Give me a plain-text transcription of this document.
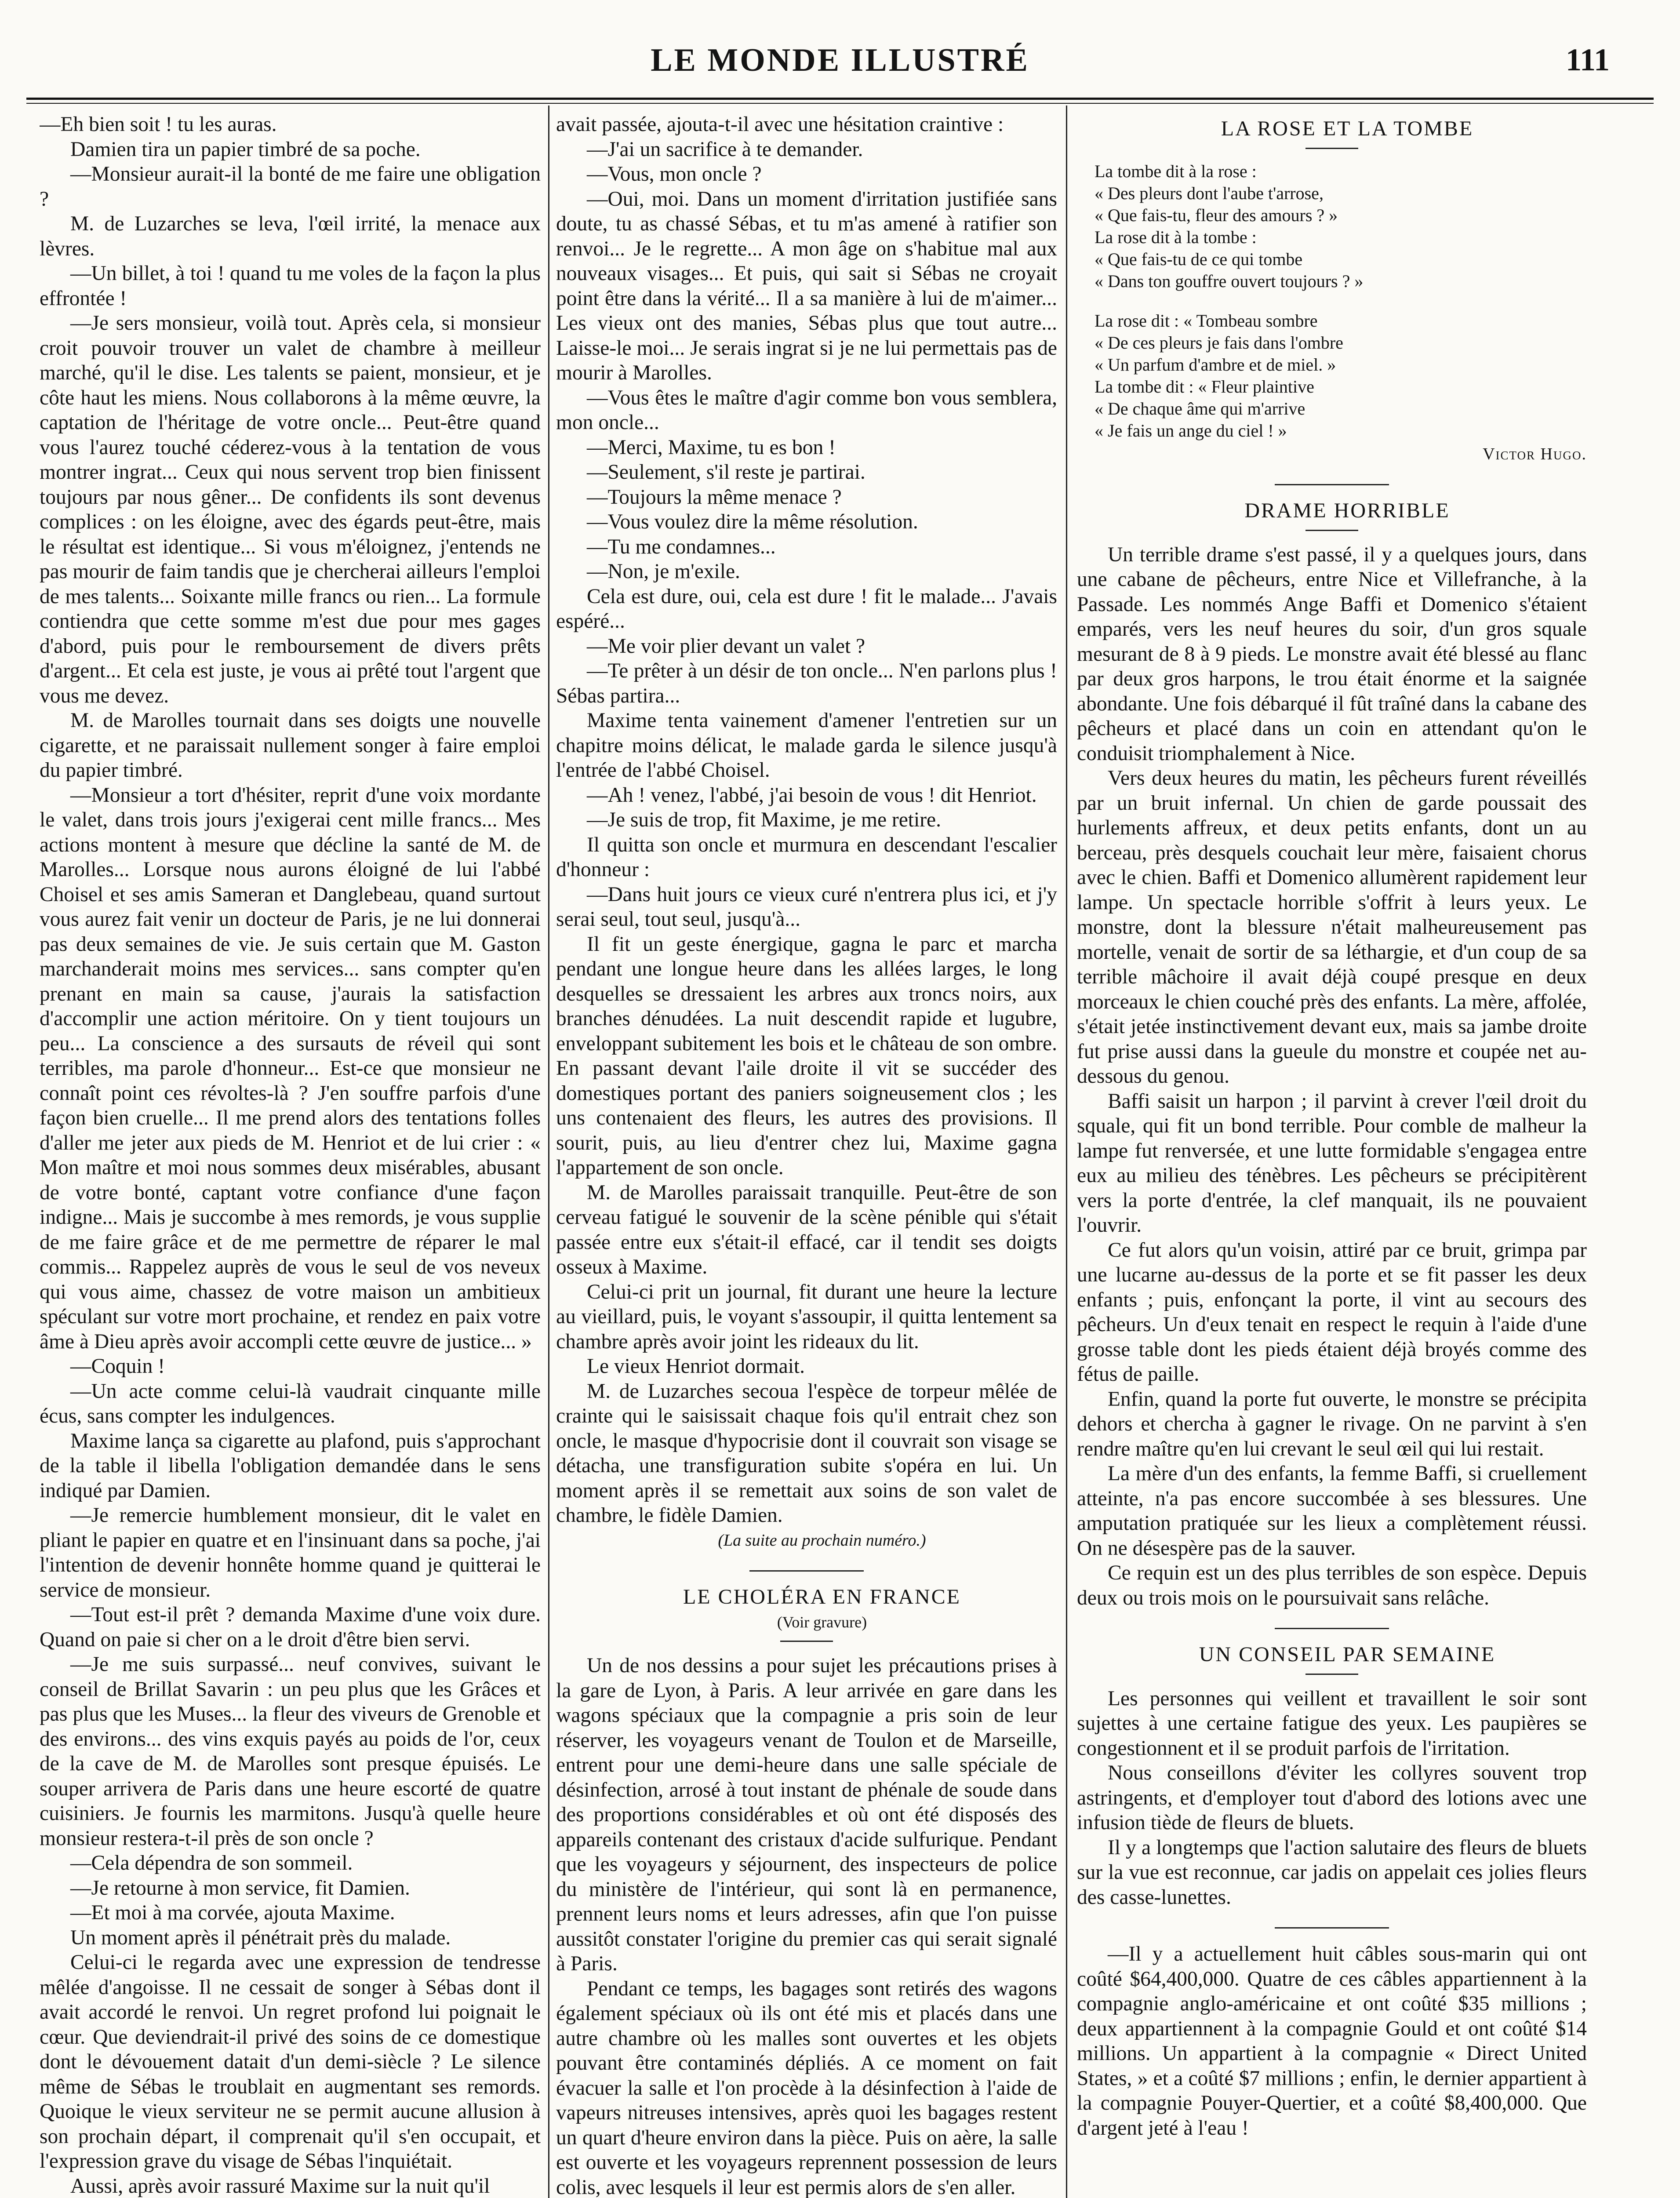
LE MONDE ILLUSTRÉ	111

—Eh bien soit ! tu les auras.

Damien tira un papier timbré de sa poche.

—Monsieur aurait-il la bonté de me faire une obligation ?

M. de Luzarches se leva, l'œil irrité, la menace aux lèvres.

—Un billet, à toi ! quand tu me voles de la façon la plus effrontée !

—Je sers monsieur, voilà tout. Après cela, si monsieur croit pouvoir trouver un valet de chambre à meilleur marché, qu'il le dise. Les talents se paient, monsieur, et je côte haut les miens. Nous collaborons à la même œuvre, la captation de l'héritage de votre oncle... Peut-être quand vous l'aurez touché céderez-vous à la tentation de vous montrer ingrat... Ceux qui nous servent trop bien finissent toujours par nous gêner... De confidents ils sont devenus complices : on les éloigne, avec des égards peut-être, mais le résultat est identique... Si vous m'éloignez, j'entends ne pas mourir de faim tandis que je chercherai ailleurs l'emploi de mes talents... Soixante mille francs ou rien... La formule contiendra que cette somme m'est due pour mes gages d'abord, puis pour le remboursement de divers prêts d'argent... Et cela est juste, je vous ai prêté tout l'argent que vous me devez.

M. de Marolles tournait dans ses doigts une nouvelle cigarette, et ne paraissait nullement songer à faire emploi du papier timbré.

—Monsieur a tort d'hésiter, reprit d'une voix mordante le valet, dans trois jours j'exigerai cent mille francs... Mes actions montent à mesure que décline la santé de M. de Marolles... Lorsque nous aurons éloigné de lui l'abbé Choisel et ses amis Sameran et Danglebeau, quand surtout vous aurez fait venir un docteur de Paris, je ne lui donnerai pas deux semaines de vie. Je suis certain que M. Gaston marchanderait moins mes services... sans compter qu'en prenant en main sa cause, j'aurais la satisfaction d'accomplir une action méritoire. On y tient toujours un peu... La conscience a des sursauts de réveil qui sont terribles, ma parole d'honneur... Est-ce que monsieur ne connaît point ces révoltes-là ? J'en souffre parfois d'une façon bien cruelle... Il me prend alors des tentations folles d'aller me jeter aux pieds de M. Henriot et de lui crier : « Mon maître et moi nous sommes deux misérables, abusant de votre bonté, captant votre confiance d'une façon indigne... Mais je succombe à mes remords, je vous supplie de me faire grâce et de me permettre de réparer le mal commis... Rappelez auprès de vous le seul de vos neveux qui vous aime, chassez de votre maison un ambitieux spéculant sur votre mort prochaine, et rendez en paix votre âme à Dieu après avoir accompli cette œuvre de justice... »

—Coquin !

—Un acte comme celui-là vaudrait cinquante mille écus, sans compter les indulgences.

Maxime lança sa cigarette au plafond, puis s'approchant de la table il libella l'obligation demandée dans le sens indiqué par Damien.

—Je remercie humblement monsieur, dit le valet en pliant le papier en quatre et en l'insinuant dans sa poche, j'ai l'intention de devenir honnête homme quand je quitterai le service de monsieur.

—Tout est-il prêt ? demanda Maxime d'une voix dure. Quand on paie si cher on a le droit d'être bien servi.

—Je me suis surpassé... neuf convives, suivant le conseil de Brillat Savarin : un peu plus que les Grâces et pas plus que les Muses... la fleur des viveurs de Grenoble et des environs... des vins exquis payés au poids de l'or, ceux de la cave de M. de Marolles sont presque épuisés. Le souper arrivera de Paris dans une heure escorté de quatre cuisiniers. Je fournis les marmitons. Jusqu'à quelle heure monsieur restera-t-il près de son oncle ?

—Cela dépendra de son sommeil.

—Je retourne à mon service, fit Damien.

—Et moi à ma corvée, ajouta Maxime.

Un moment après il pénétrait près du malade.

Celui-ci le regarda avec une expression de tendresse mêlée d'angoisse. Il ne cessait de songer à Sébas dont il avait accordé le renvoi. Un regret profond lui poignait le cœur. Que deviendrait-il privé des soins de ce domestique dont le dévouement datait d'un demi-siècle ? Le silence même de Sébas le troublait en augmentant ses remords. Quoique le vieux serviteur ne se permit aucune allusion à son prochain départ, il comprenait qu'il s'en occupait, et l'expression grave du visage de Sébas l'inquiétait.

Aussi, après avoir rassuré Maxime sur la nuit qu'il

avait passée, ajouta-t-il avec une hésitation craintive :

—J'ai un sacrifice à te demander.

—Vous, mon oncle ?

—Oui, moi. Dans un moment d'irritation justifiée sans doute, tu as chassé Sébas, et tu m'as amené à ratifier son renvoi... Je le regrette... A mon âge on s'habitue mal aux nouveaux visages... Et puis, qui sait si Sébas ne croyait point être dans la vérité... Il a sa manière à lui de m'aimer... Les vieux ont des manies, Sébas plus que tout autre... Laisse-le moi... Je serais ingrat si je ne lui permettais pas de mourir à Marolles.

—Vous êtes le maître d'agir comme bon vous semblera, mon oncle...

—Merci, Maxime, tu es bon !

—Seulement, s'il reste je partirai.

—Toujours la même menace ?

—Vous voulez dire la même résolution.

—Tu me condamnes...

—Non, je m'exile.

Cela est dure, oui, cela est dure ! fit le malade... J'avais espéré...

—Me voir plier devant un valet ?

—Te prêter à un désir de ton oncle... N'en parlons plus ! Sébas partira...

Maxime tenta vainement d'amener l'entretien sur un chapitre moins délicat, le malade garda le silence jusqu'à l'entrée de l'abbé Choisel.

—Ah ! venez, l'abbé, j'ai besoin de vous ! dit Henriot.

—Je suis de trop, fit Maxime, je me retire.

Il quitta son oncle et murmura en descendant l'escalier d'honneur :

—Dans huit jours ce vieux curé n'entrera plus ici, et j'y serai seul, tout seul, jusqu'à...

Il fit un geste énergique, gagna le parc et marcha pendant une longue heure dans les allées larges, le long desquelles se dressaient les arbres aux troncs noirs, aux branches dénudées. La nuit descendit rapide et lugubre, enveloppant subitement les bois et le château de son ombre. En passant devant l'aile droite il vit se succéder des domestiques portant des paniers soigneusement clos ; les uns contenaient des fleurs, les autres des provisions. Il sourit, puis, au lieu d'entrer chez lui, Maxime gagna l'appartement de son oncle.

M. de Marolles paraissait tranquille. Peut-être de son cerveau fatigué le souvenir de la scène pénible qui s'était passée entre eux s'était-il effacé, car il tendit ses doigts osseux à Maxime.

Celui-ci prit un journal, fit durant une heure la lecture au vieillard, puis, le voyant s'assoupir, il quitta lentement sa chambre après avoir joint les rideaux du lit.

Le vieux Henriot dormait.

M. de Luzarches secoua l'espèce de torpeur mêlée de crainte qui le saisissait chaque fois qu'il entrait chez son oncle, le masque d'hypocrisie dont il couvrait son visage se détacha, une transfiguration subite s'opéra en lui. Un moment après il se remettait aux soins de son valet de chambre, le fidèle Damien.

(La suite au prochain numéro.)

LE CHOLÉRA EN FRANCE

(Voir gravure)

Un de nos dessins a pour sujet les précautions prises à la gare de Lyon, à Paris. A leur arrivée en gare dans les wagons spéciaux que la compagnie a pris soin de leur réserver, les voyageurs venant de Toulon et de Marseille, entrent pour une demi-heure dans une salle spéciale de désinfection, arrosé à tout instant de phénale de soude dans des proportions considérables et où ont été disposés des appareils contenant des cristaux d'acide sulfurique. Pendant que les voyageurs y séjournent, des inspecteurs de police du ministère de l'intérieur, qui sont là en permanence, prennent leurs noms et leurs adresses, afin que l'on puisse aussitôt constater l'origine du premier cas qui serait signalé à Paris.

Pendant ce temps, les bagages sont retirés des wagons également spéciaux où ils ont été mis et placés dans une autre chambre où les malles sont ouvertes et les objets pouvant être contaminés dépliés. A ce moment on fait évacuer la salle et l'on procède à la désinfection à l'aide de vapeurs nitreuses intensives, après quoi les bagages restent un quart d'heure environ dans la pièce. Puis on aère, la salle est ouverte et les voyageurs reprennent possession de leurs colis, avec lesquels il leur est permis alors de s'en aller.

LA ROSE ET LA TOMBE

La tombe dit à la rose :
« Des pleurs dont l'aube t'arrose,
« Que fais-tu, fleur des amours ? »
La rose dit à la tombe :
« Que fais-tu de ce qui tombe
« Dans ton gouffre ouvert toujours ? »
La rose dit : « Tombeau sombre
« De ces pleurs je fais dans l'ombre
« Un parfum d'ambre et de miel. »
La tombe dit : « Fleur plaintive
« De chaque âme qui m'arrive
« Je fais un ange du ciel ! »

Victor Hugo.

DRAME HORRIBLE

Un terrible drame s'est passé, il y a quelques jours, dans une cabane de pêcheurs, entre Nice et Villefranche, à la Passade. Les nommés Ange Baffi et Domenico s'étaient emparés, vers les neuf heures du soir, d'un gros squale mesurant de 8 à 9 pieds. Le monstre avait été blessé au flanc par deux gros harpons, le trou était énorme et la saignée abondante. Une fois débarqué il fût traîné dans la cabane des pêcheurs et placé dans un coin en attendant qu'on le conduisit triomphalement à Nice.

Vers deux heures du matin, les pêcheurs furent réveillés par un bruit infernal. Un chien de garde poussait des hurlements affreux, et deux petits enfants, dont un au berceau, près desquels couchait leur mère, faisaient chorus avec le chien. Baffi et Domenico allumèrent rapidement leur lampe. Un spectacle horrible s'offrit à leurs yeux. Le monstre, dont la blessure n'était malheureusement pas mortelle, venait de sortir de sa léthargie, et d'un coup de sa terrible mâchoire il avait déjà coupé presque en deux morceaux le chien couché près des enfants. La mère, affolée, s'était jetée instinctivement devant eux, mais sa jambe droite fut prise aussi dans la gueule du monstre et coupée net au-dessous du genou.

Baffi saisit un harpon ; il parvint à crever l'œil droit du squale, qui fit un bond terrible. Pour comble de malheur la lampe fut renversée, et une lutte formidable s'engagea entre eux au milieu des ténèbres. Les pêcheurs se précipitèrent vers la porte d'entrée, la clef manquait, ils ne pouvaient l'ouvrir.

Ce fut alors qu'un voisin, attiré par ce bruit, grimpa par une lucarne au-dessus de la porte et se fit passer les deux enfants ; puis, enfonçant la porte, il vint au secours des pêcheurs. Un d'eux tenait en respect le requin à l'aide d'une grosse table dont les pieds étaient déjà broyés comme des fétus de paille.

Enfin, quand la porte fut ouverte, le monstre se précipita dehors et chercha à gagner le rivage. On ne parvint à s'en rendre maître qu'en lui crevant le seul œil qui lui restait.

La mère d'un des enfants, la femme Baffi, si cruellement atteinte, n'a pas encore succombée à ses blessures. Une amputation pratiquée sur les lieux a complètement réussi. On ne désespère pas de la sauver.

Ce requin est un des plus terribles de son espèce. Depuis deux ou trois mois on le poursuivait sans relâche.

UN CONSEIL PAR SEMAINE

Les personnes qui veillent et travaillent le soir sont sujettes à une certaine fatigue des yeux. Les paupières se congestionnent et il se produit parfois de l'irritation.

Nous conseillons d'éviter les collyres souvent trop astringents, et d'employer tout d'abord des lotions avec une infusion tiède de fleurs de bluets.

Il y a longtemps que l'action salutaire des fleurs de bluets sur la vue est reconnue, car jadis on appelait ces jolies fleurs des casse-lunettes.

—Il y a actuellement huit câbles sous-marin qui ont coûté $64,400,000. Quatre de ces câbles appartiennent à la compagnie anglo-américaine et ont coûté $35 millions ; deux appartiennent à la compagnie Gould et ont coûté $14 millions. Un appartient à la compagnie « Direct United States, » et a coûté $7 millions ; enfin, le dernier appartient à la compagnie Pouyer-Quertier, et a coûté $8,400,000. Que d'argent jeté à l'eau !
